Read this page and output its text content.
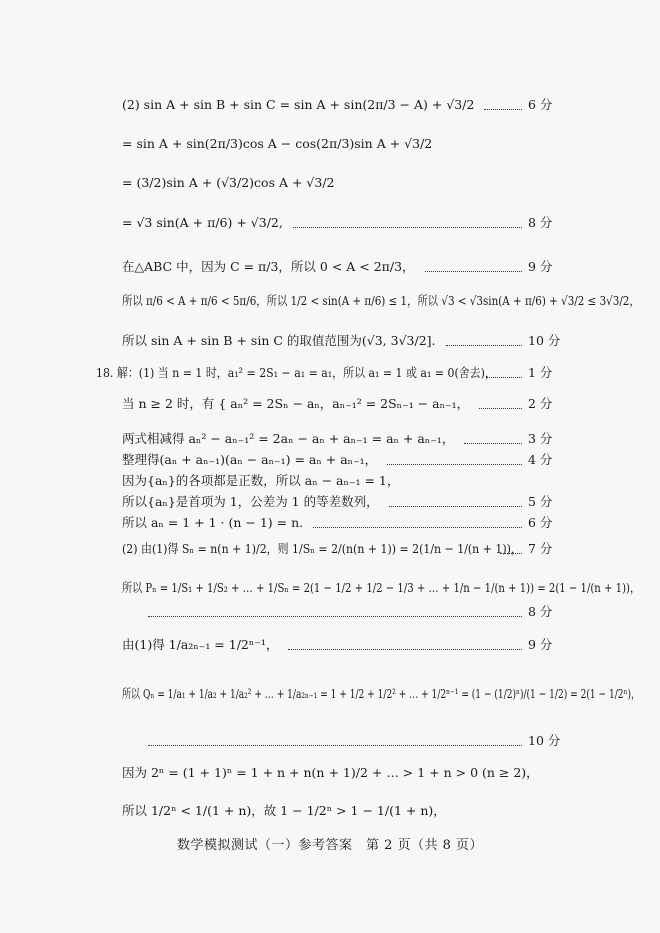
(2) sin A + sin B + sin C = sin A + sin(2π/3 − A) + √3/2	6 分
= sin A + sin(2π/3)cos A − cos(2π/3)sin A + √3/2
= (3/2)sin A + (√3/2)cos A + √3/2
= √3 sin(A + π/6) + √3/2,	8 分
在△ABC 中，因为 C = π/3，所以 0 < A < 2π/3，	9 分
所以 π/6 < A + π/6 < 5π/6，所以 1/2 < sin(A + π/6) ≤ 1，所以 √3 < √3sin(A + π/6) + √3/2 ≤ 3√3/2，
所以 sin A + sin B + sin C 的取值范围为(√3, 3√3/2].	10 分
18. 解：(1) 当 n = 1 时，a₁² = 2S₁ − a₁ = a₁，所以 a₁ = 1 或 a₁ = 0(舍去)，	1 分
当 n ≥ 2 时，有 { aₙ² = 2Sₙ − aₙ，aₙ₋₁² = 2Sₙ₋₁ − aₙ₋₁，	2 分
两式相减得 aₙ² − aₙ₋₁² = 2aₙ − aₙ + aₙ₋₁ = aₙ + aₙ₋₁，	3 分
整理得(aₙ + aₙ₋₁)(aₙ − aₙ₋₁) = aₙ + aₙ₋₁，	4 分
因为{aₙ}的各项都是正数，所以 aₙ − aₙ₋₁ = 1，
所以{aₙ}是首项为 1，公差为 1 的等差数列，	5 分
所以 aₙ = 1 + 1 · (n − 1) = n.	6 分
(2) 由(1)得 Sₙ = n(n + 1)/2，则 1/Sₙ = 2/(n(n + 1)) = 2(1/n − 1/(n + 1))， 7 分
所以 Pₙ = 1/S₁ + 1/S₂ + … + 1/Sₙ = 2(1 − 1/2 + 1/2 − 1/3 + … + 1/n − 1/(n + 1)) = 2(1 − 1/(n + 1))，
8 分
由(1)得 1/a₂ₙ₋₁ = 1/2ⁿ⁻¹，	9 分
所以 Qₙ = 1/a₁ + 1/a₂ + 1/a₂² + … + 1/a₂ₙ₋₁ = 1 + 1/2 + 1/2² + … + 1/2ⁿ⁻¹ = (1 − (1/2)ⁿ)/(1 − 1/2) = 2(1 − 1/2ⁿ)，
10 分
因为 2ⁿ = (1 + 1)ⁿ = 1 + n + n(n + 1)/2 + … > 1 + n > 0 (n ≥ 2)，
所以 1/2ⁿ < 1/(1 + n)，故 1 − 1/2ⁿ > 1 − 1/(1 + n)，
数学模拟测试（一）参考答案　第 2 页（共 8 页）
